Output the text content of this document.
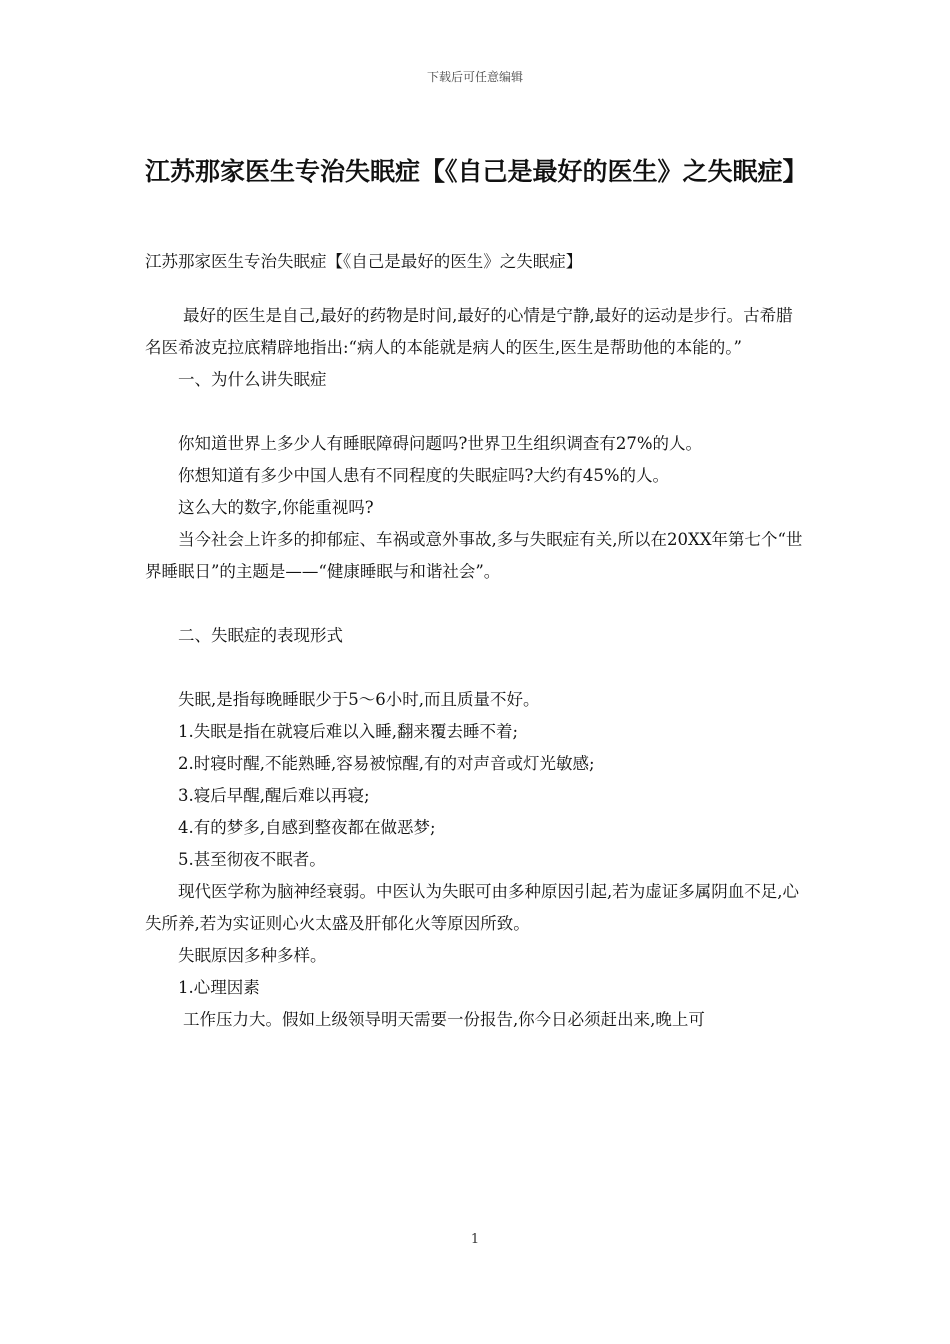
下载后可任意编辑
江苏那家医生专治失眠症【《自己是最好的医生》之失眠症】

江苏那家医生专治失眠症【《自己是最好的医生》之失眠症】

最好的医生是自己,最好的药物是时间,最好的心情是宁静,最好的运动是步行。古希腊名医希波克拉底精辟地指出:“病人的本能就是病人的医生,医生是帮助他的本能的。”

一、为什么讲失眠症

你知道世界上多少人有睡眠障碍问题吗?世界卫生组织调查有27%的人。

你想知道有多少中国人患有不同程度的失眠症吗?大约有45%的人。

这么大的数字,你能重视吗?

当今社会上许多的抑郁症、车祸或意外事故,多与失眠症有关,所以在20XX年第七个“世界睡眠日”的主题是——“健康睡眠与和谐社会”。

二、失眠症的表现形式

失眠,是指每晚睡眠少于5～6小时,而且质量不好。

1.失眠是指在就寝后难以入睡,翻来覆去睡不着;

2.时寝时醒,不能熟睡,容易被惊醒,有的对声音或灯光敏感;

3.寝后早醒,醒后难以再寝;

4.有的梦多,自感到整夜都在做恶梦;

5.甚至彻夜不眠者。

现代医学称为脑神经衰弱。中医认为失眠可由多种原因引起,若为虚证多属阴血不足,心失所养,若为实证则心火太盛及肝郁化火等原因所致。

失眠原因多种多样。

1.心理因素

工作压力大。假如上级领导明天需要一份报告,你今日必须赶出来,晚上可

1
